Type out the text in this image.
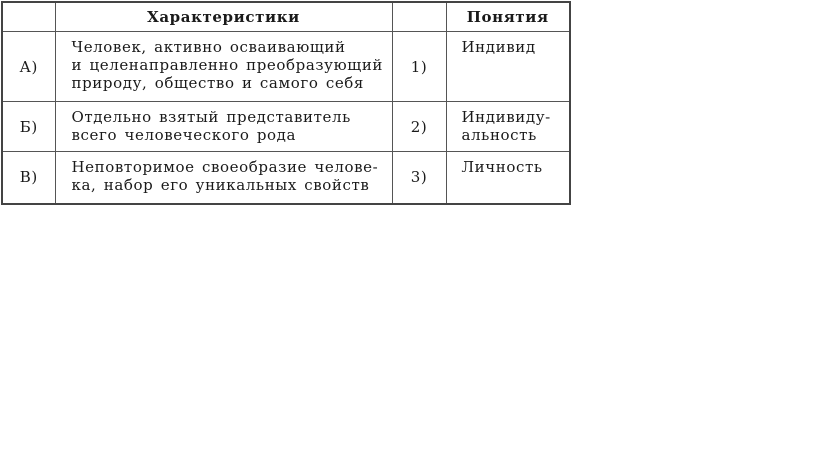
	Характеристики		Понятия
А)	Человек, активно осваивающий
и целенаправленно преобразующий
природу, общество и самого себя	1)	Индивид

Б)	Отдельно взятый представитель
всего человеческого рода	2)	Индивиду-
альность

В)	Неповторимое своеобразие челове-
ка, набор его уникальных свойств	3)	Личность
